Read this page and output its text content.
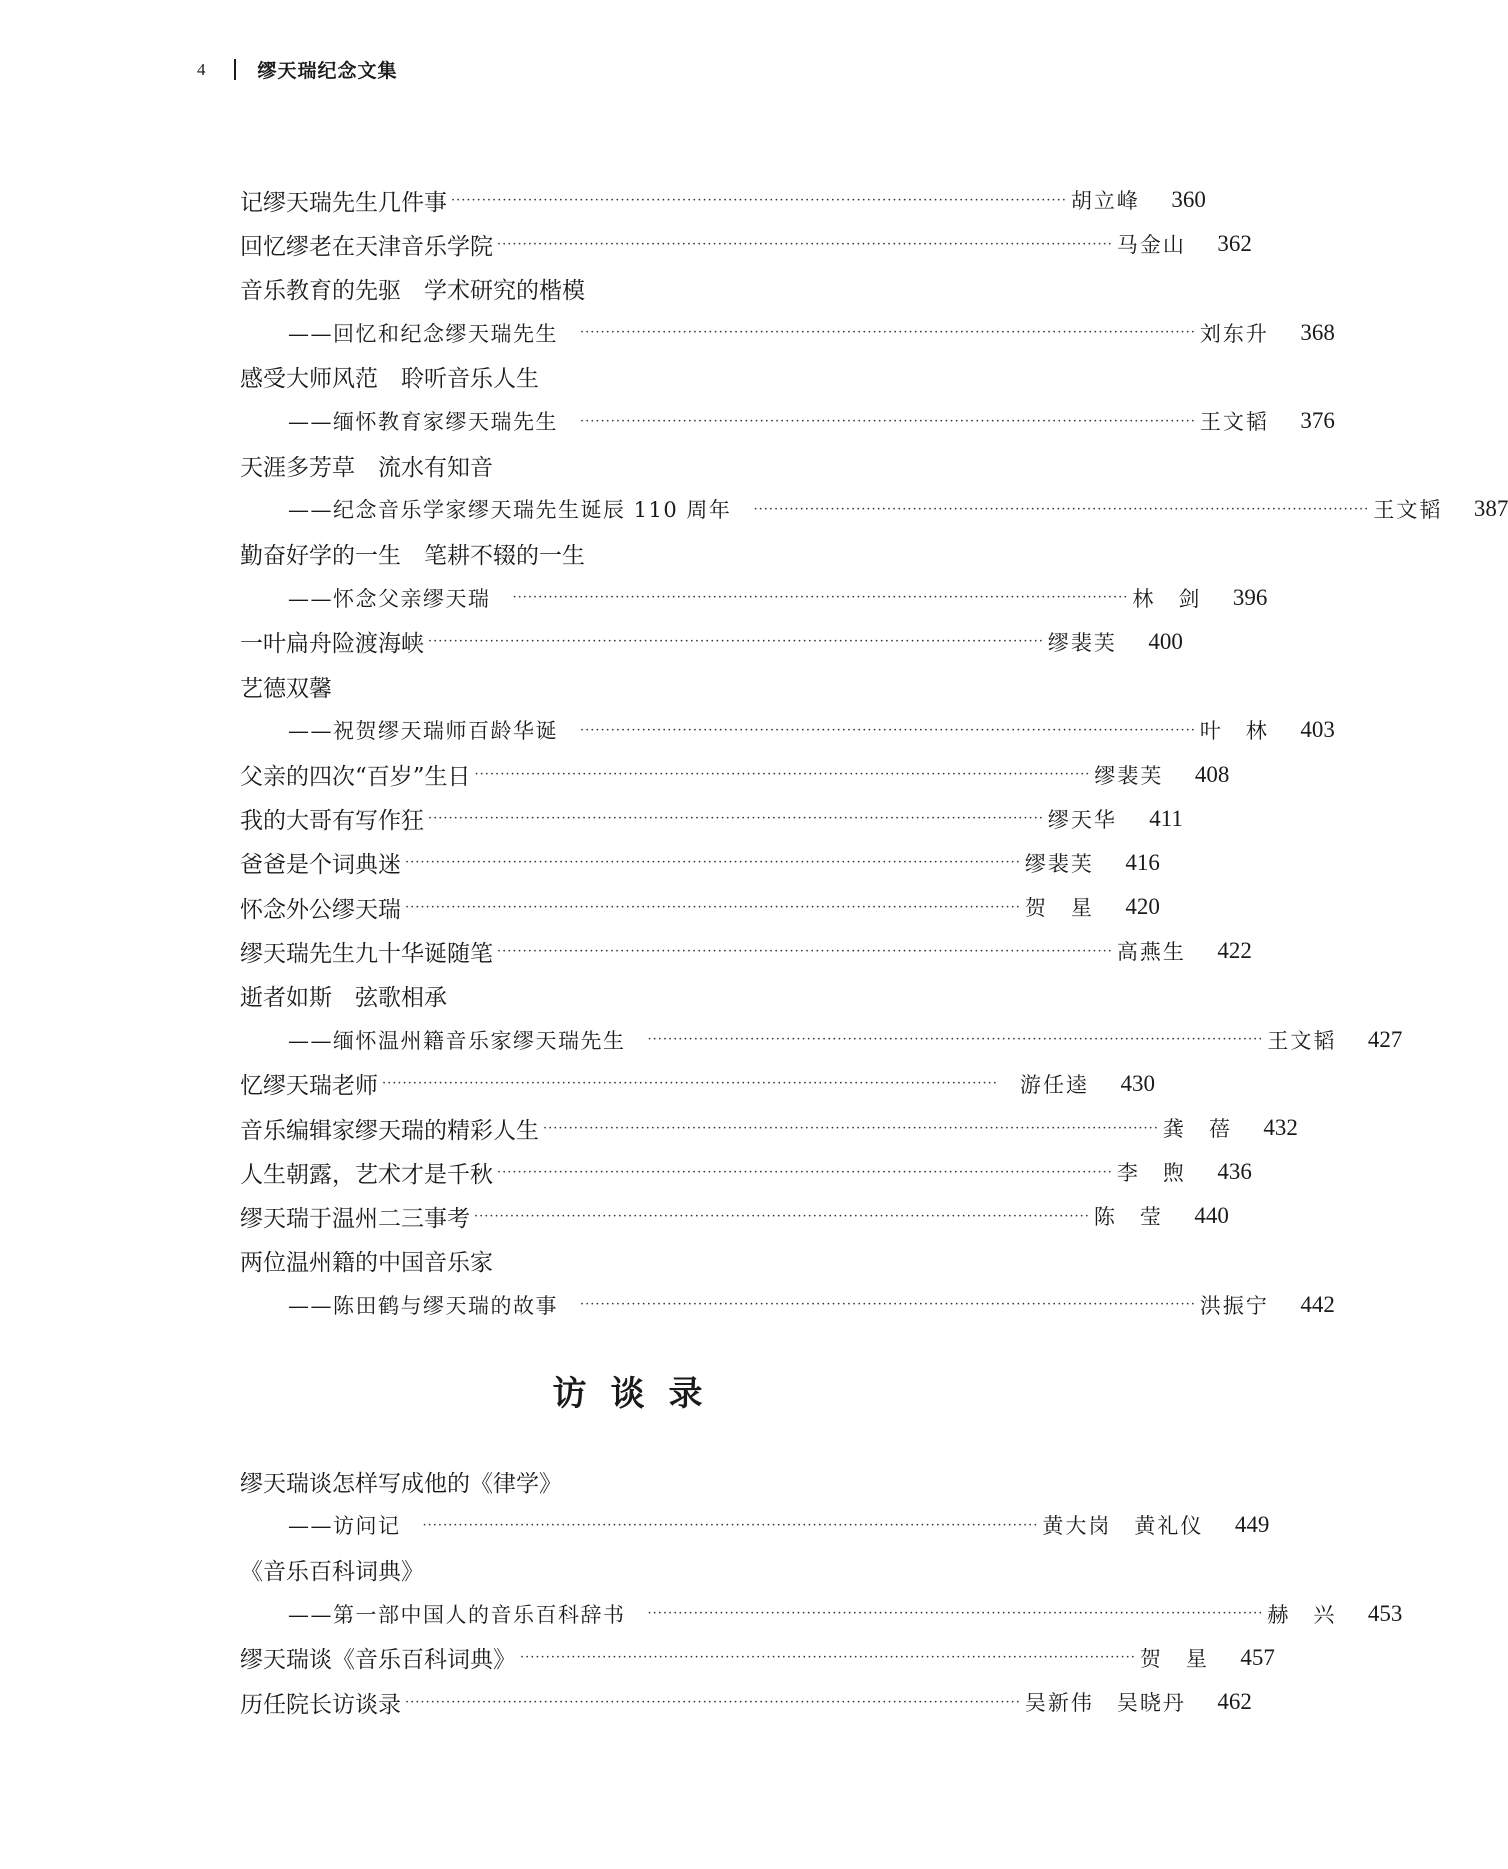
4	缪天瑞纪念文集
记缪天瑞先生几件事 ························································································································ 胡立峰	360
回忆缪老在天津音乐学院 ························································································································ 马金山	362
音乐教育的先驱　学术研究的楷模
——回忆和纪念缪天瑞先生	························································································································ 刘东升	368
感受大师风范　聆听音乐人生
——缅怀教育家缪天瑞先生	························································································································ 王文韬	376
天涯多芳草　流水有知音
——纪念音乐学家缪天瑞先生诞辰 110 周年	························································································································ 王文韬	387
勤奋好学的一生　笔耕不辍的一生
——怀念父亲缪天瑞	························································································································ 林　剑	396
一叶扁舟险渡海峡 ························································································································ 缪裴芙	400
艺德双馨
——祝贺缪天瑞师百龄华诞	························································································································ 叶　林	403
父亲的四次“百岁”生日 ························································································································ 缪裴芙	408
我的大哥有写作狂 ························································································································ 缪天华	411
爸爸是个词典迷 ························································································································ 缪裴芙	416
怀念外公缪天瑞 ························································································································ 贺　星	420
缪天瑞先生九十华诞随笔 ························································································································ 高燕生	422
逝者如斯　弦歌相承
——缅怀温州籍音乐家缪天瑞先生	························································································································ 王文韬	427
忆缪天瑞老师 ························································································································	游任逵	430
音乐编辑家缪天瑞的精彩人生 ························································································································ 龚　蓓	432
人生朝露，艺术才是千秋 ························································································································ 李　煦	436
缪天瑞于温州二三事考 ························································································································ 陈　莹	440
两位温州籍的中国音乐家
——陈田鹤与缪天瑞的故事	························································································································ 洪振宁	442
访谈录
缪天瑞谈怎样写成他的《律学》
——访问记	························································································································ 黄大岗　黄礼仪	449
《音乐百科词典》
——第一部中国人的音乐百科辞书	························································································································ 赫　兴	453
缪天瑞谈《音乐百科词典》 ························································································································ 贺　星	457
历任院长访谈录 ························································································································ 吴新伟　吴晓丹	462
